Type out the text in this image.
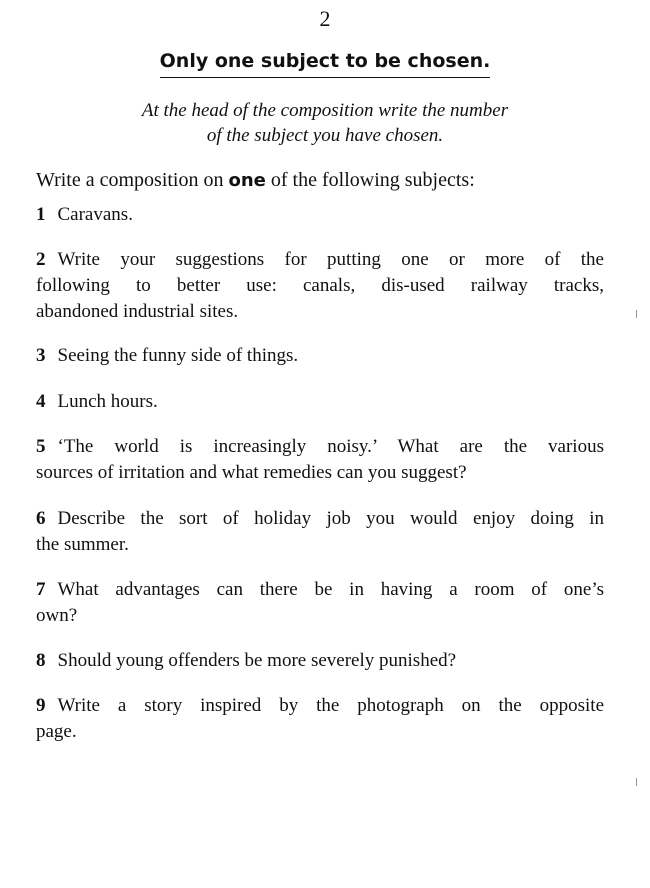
2
Only one subject to be chosen.
At the head of the composition write the number
of the subject you have chosen.
Write a composition on one of the following subjects:
1 Caravans.
2 Write your suggestions for putting one or more of the
following to better use: canals, dis-used railway tracks,
abandoned industrial sites.
3 Seeing the funny side of things.
4 Lunch hours.
5 ‘The world is increasingly noisy.’ What are the various
sources of irritation and what remedies can you suggest?
6 Describe the sort of holiday job you would enjoy doing in
the summer.
7 What advantages can there be in having a room of one’s
own?
8 Should young offenders be more severely punished?
9 Write a story inspired by the photograph on the opposite
page.
